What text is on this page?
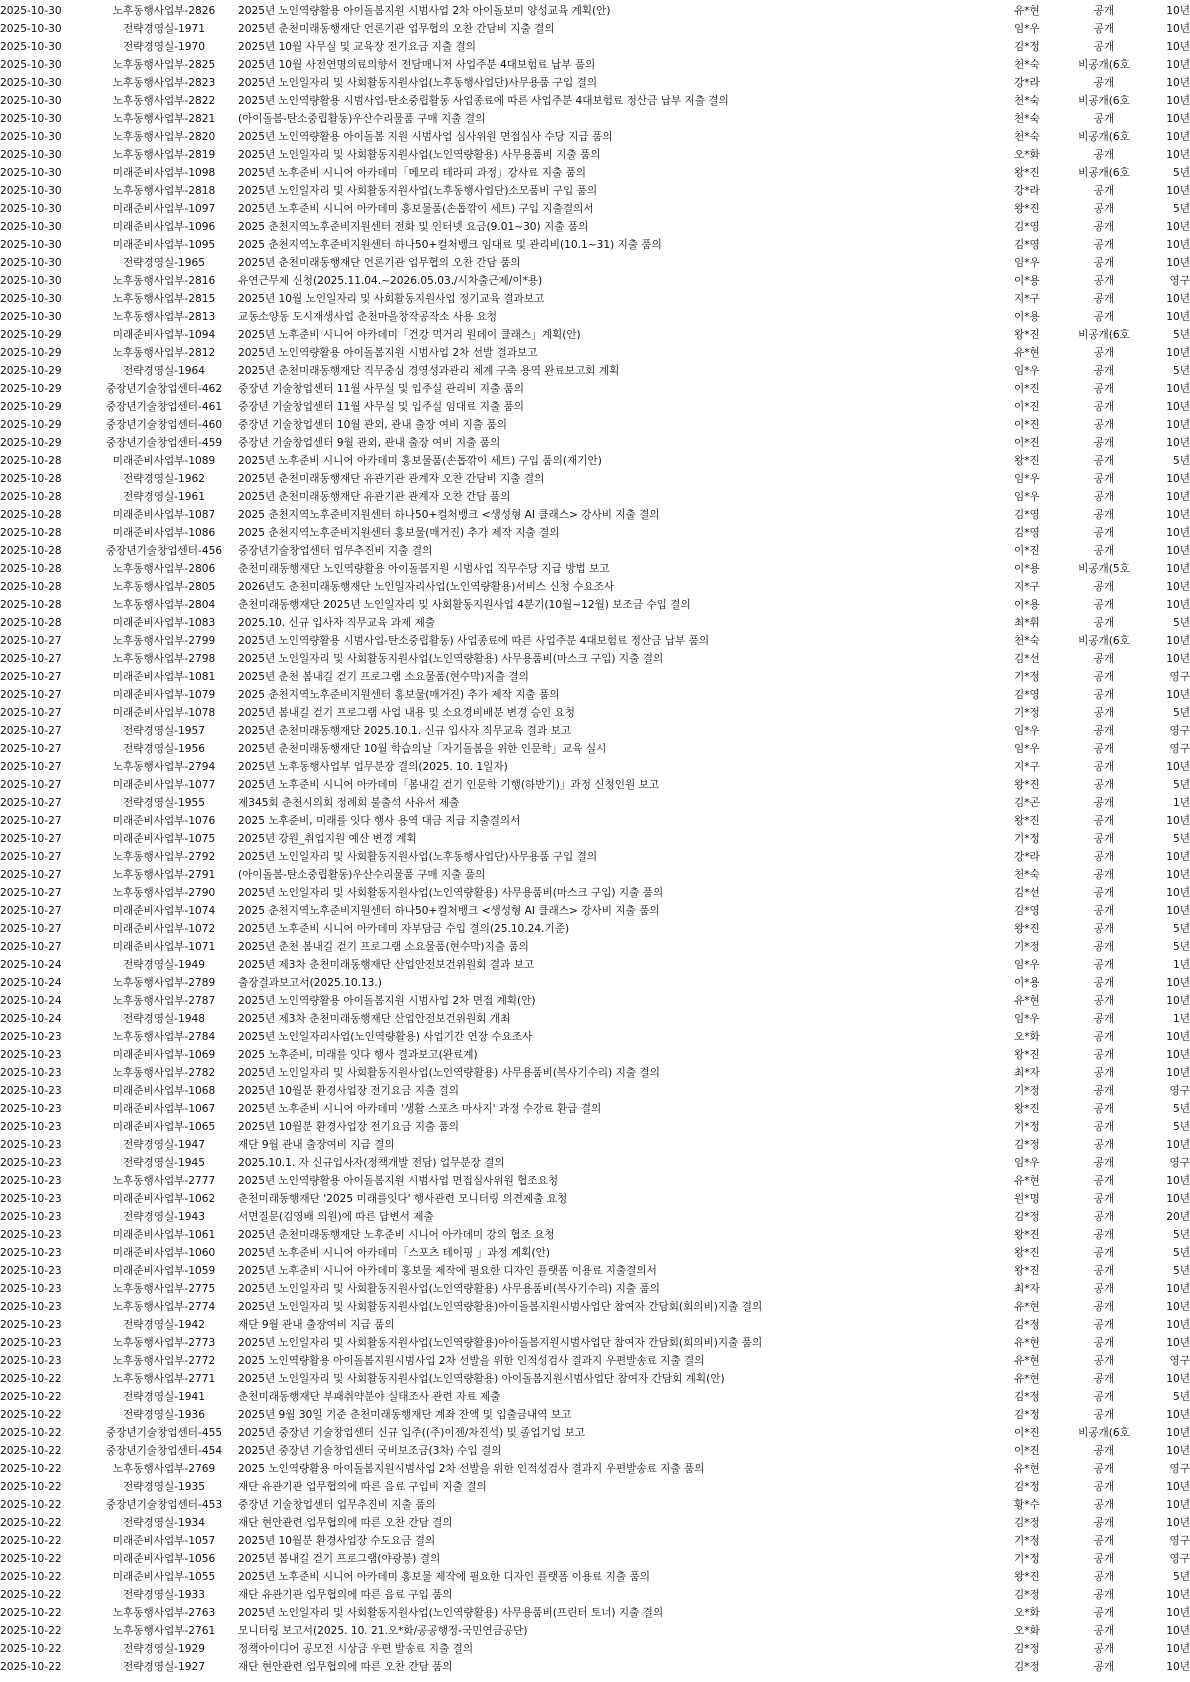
2025-10-30	노후동행사업부-2826	2025년 노인역량활용 아이돌봄지원 시범사업 2차 아이돌보미 양성교육 계획(안)	유*현	공개	10년
2025-10-30	전략경영실-1971	2025년 춘천미래동행재단 언론기관 업무협의 오찬 간담비 지출 결의	임*우	공개	10년
2025-10-30	전략경영실-1970	2025년 10월 사무실 및 교육장 전기요금 지출 결의	김*정	공개	10년
2025-10-30	노후동행사업부-2825	2025년 10월 사전연명의료의향서 전담매니저 사업주분 4대보험료 납부 품의	천*숙	비공개(6호	10년
2025-10-30	노후동행사업부-2823	2025년 노인일자리 및 사회활동지원사업(노후동행사업단)사무용품 구입 결의	강*라	공개	10년
2025-10-30	노후동행사업부-2822	2025년 노인역량활용 시범사업-탄소중립활동 사업종료에 따른 사업주분 4대보험료 정산금 납부 지출 결의	천*숙	비공개(6호	10년
2025-10-30	노후동행사업부-2821	(아이돌봄-탄소중립활동)우산수리물품 구매 지출 결의	천*숙	공개	10년
2025-10-30	노후동행사업부-2820	2025년 노인역량활용 아이돌봄 지원 시범사업 심사위원 면접심사 수당 지급 품의	천*숙	비공개(6호	10년
2025-10-30	노후동행사업부-2819	2025년 노인일자리 및 사회활동지원사업(노인역량활용) 사무용품비 지출 품의	오*화	공개	10년
2025-10-30	미래준비사업부-1098	2025년 노후준비 시니어 아카데미「메모리 테라피 과정」강사료 지출 품의	왕*진	비공개(6호	5년
2025-10-30	노후동행사업부-2818	2025년 노인일자리 및 사회활동지원사업(노후동행사업단)소모품비 구입 품의	강*라	공개	10년
2025-10-30	미래준비사업부-1097	2025년 노후준비 시니어 아카데미 홍보물품(손톱깎이 세트) 구입 지출결의서	왕*진	공개	5년
2025-10-30	미래준비사업부-1096	2025 춘천지역노후준비지원센터 전화 및 인터넷 요금(9.01~30) 지출 품의	김*영	공개	10년
2025-10-30	미래준비사업부-1095	2025 춘천지역노후준비지원센터 하나50+컬처뱅크 임대료 및 관리비(10.1~31) 지출 품의	김*영	공개	10년
2025-10-30	전략경영실-1965	2025년 춘천미래동행재단 언론기관 업무협의 오찬 간담 품의	임*우	공개	10년
2025-10-30	노후동행사업부-2816	유연근무제 신청(2025.11.04.~2026.05.03./시차출근제/이*용)	이*용	공개	영구
2025-10-30	노후동행사업부-2815	2025년 10월 노인일자리 및 사회활동지원사업 정기교육 결과보고	지*구	공개	10년
2025-10-30	노후동행사업부-2813	교동소양동 도시재생사업 춘천마을창작공작소 사용 요청	이*용	공개	10년
2025-10-29	미래준비사업부-1094	2025년 노후준비 시니어 아카데미「건강 먹거리 원데이 클래스」계획(안)	왕*진	비공개(6호	5년
2025-10-29	노후동행사업부-2812	2025년 노인역량활용 아이돌봄지원 시범사업 2차 선발 결과보고	유*현	공개	10년
2025-10-29	전략경영실-1964	2025년 춘천미래동행재단 직무중심 경영성과관리 체계 구축 용역 완료보고회 계획	임*우	공개	5년
2025-10-29	중장년기술창업센터-462	중장년 기술창업센터 11월 사무실 및 입주실 관리비 지출 품의	이*진	공개	10년
2025-10-29	중장년기술창업센터-461	중장년 기술창업센터 11월 사무실 및 입주실 임대료 지출 품의	이*진	공개	10년
2025-10-29	중장년기술창업센터-460	중장년 기술창업센터 10월 관외, 관내 출장 여비 지출 품의	이*진	공개	10년
2025-10-29	중장년기술창업센터-459	중장년 기술창업센터 9월 관외, 관내 출장 여비 지출 품의	이*진	공개	10년
2025-10-28	미래준비사업부-1089	2025년 노후준비 시니어 아카데미 홍보물품(손톱깎이 세트) 구입 품의(재기안)	왕*진	공개	5년
2025-10-28	전략경영실-1962	2025년 춘천미래동행재단 유관기관 관계자 오찬 간담비 지출 결의	임*우	공개	10년
2025-10-28	전략경영실-1961	2025년 춘천미래동행재단 유관기관 관계자 오찬 간담 품의	임*우	공개	10년
2025-10-28	미래준비사업부-1087	2025 춘천지역노후준비지원센터 하나50+컬처뱅크 <생성형 AI 클래스> 강사비 지출 결의	김*영	공개	10년
2025-10-28	미래준비사업부-1086	2025 춘천지역노후준비지원센터 홍보물(매거진) 추가 제작 지출 결의	김*영	공개	10년
2025-10-28	중장년기술창업센터-456	중장년기술창업센터 업무추진비 지출 결의	이*진	공개	10년
2025-10-28	노후동행사업부-2806	춘천미래동행재단 노인역량활용 아이돌봄지원 시범사업 직무수당 지급 방법 보고	이*용	비공개(5호	10년
2025-10-28	노후동행사업부-2805	2026년도 춘천미래동행재단 노인일자리사업(노인역량활용)서비스 신청 수요조사	지*구	공개	10년
2025-10-28	노후동행사업부-2804	춘천미래동행재단 2025년 노인일자리 및 사회활동지원사업 4분기(10월~12월) 보조금 수입 결의	이*용	공개	10년
2025-10-28	미래준비사업부-1083	2025.10. 신규 입사자 직무교육 과제 제출	최*휘	공개	5년
2025-10-27	노후동행사업부-2799	2025년 노인역량활용 시범사업-탄소중립활동) 사업종료에 따른 사업주분 4대보험료 정산금 납부 품의	천*숙	비공개(6호	10년
2025-10-27	노후동행사업부-2798	2025년 노인일자리 및 사회활동지원사업(노인역량활용) 사무용품비(마스크 구입) 지출 결의	김*선	공개	10년
2025-10-27	미래준비사업부-1081	2025년 춘천 봄내길 걷기 프로그램 소요물품(현수막)지출 결의	기*정	공개	영구
2025-10-27	미래준비사업부-1079	2025 춘천지역노후준비지원센터 홍보물(매거진) 추가 제작 지출 품의	김*영	공개	10년
2025-10-27	미래준비사업부-1078	2025년 봄내길 걷기 프로그램 사업 내용 및 소요경비배분 변경 승인 요청	기*정	공개	5년
2025-10-27	전략경영실-1957	2025년 춘천미래동행재단 2025.10.1. 신규 입사자 직무교육 결과 보고	임*우	공개	영구
2025-10-27	전략경영실-1956	2025년 춘천미래동행재단 10월 학습의날「자기돌봄을 위한 인문학」교육 실시	임*우	공개	영구
2025-10-27	노후동행사업부-2794	2025년 노후동행사업부 업무분장 결의(2025. 10. 1일자)	지*구	공개	10년
2025-10-27	미래준비사업부-1077	2025년 노후준비 시니어 아카데미「봄내길 걷기 인문학 기행(하반기)」과정 신청인원 보고	왕*진	공개	5년
2025-10-27	전략경영실-1955	제345회 춘천시의회 정례회 불출석 사유서 제출	김*곤	공개	1년
2025-10-27	미래준비사업부-1076	2025 노후준비, 미래를 잇다 행사 용역 대금 지급 지출결의서	왕*진	공개	10년
2025-10-27	미래준비사업부-1075	2025년 강원_취업지원 예산 변경 계획	기*정	공개	5년
2025-10-27	노후동행사업부-2792	2025년 노인일자리 및 사회활동지원사업(노후동행사업단)사무용품 구입 결의	강*라	공개	10년
2025-10-27	노후동행사업부-2791	(아이돌봄-탄소중립활동)우산수리물품 구매 지출 품의	천*숙	공개	10년
2025-10-27	노후동행사업부-2790	2025년 노인일자리 및 사회활동지원사업(노인역량활용) 사무용품비(마스크 구입) 지출 품의	김*선	공개	10년
2025-10-27	미래준비사업부-1074	2025 춘천지역노후준비지원센터 하나50+컬처뱅크 <생성형 AI 클래스> 강사비 지출 품의	김*영	공개	10년
2025-10-27	미래준비사업부-1072	2025년 노후준비 시니어 아카데미 자부담금 수입 결의(25.10.24.기준)	왕*진	공개	5년
2025-10-27	미래준비사업부-1071	2025년 춘천 봄내길 걷기 프로그램 소요물품(현수막)지출 품의	기*정	공개	5년
2025-10-24	전략경영실-1949	2025년 제3차 춘천미래동행재단 산업안전보건위원회 결과 보고	임*우	공개	1년
2025-10-24	노후동행사업부-2789	출장결과보고서(2025.10.13.)	이*용	공개	10년
2025-10-24	노후동행사업부-2787	2025년 노인역량활용 아이돌봄지원 시범사업 2차 면접 계획(안)	유*현	공개	10년
2025-10-24	전략경영실-1948	2025년 제3차 춘천미래동행재단 산업안전보건위원회 개최	임*우	공개	1년
2025-10-23	노후동행사업부-2784	2025년 노인일자리사업(노인역량활용) 사업기간 연장 수요조사	오*화	공개	10년
2025-10-23	미래준비사업부-1069	2025 노후준비, 미래를 잇다 행사 결과보고(완료계)	왕*진	공개	10년
2025-10-23	노후동행사업부-2782	2025년 노인일자리 및 사회활동지원사업(노인역량활용) 사무용품비(복사기수리) 지출 결의	최*자	공개	10년
2025-10-23	미래준비사업부-1068	2025년 10월분 환경사업장 전기요금 지출 결의	기*정	공개	영구
2025-10-23	미래준비사업부-1067	2025년 노후준비 시니어 아카데미 '생활 스포츠 마사지' 과정 수강료 환급 결의	왕*진	공개	5년
2025-10-23	미래준비사업부-1065	2025년 10월분 환경사업장 전기요금 지출 품의	기*정	공개	5년
2025-10-23	전략경영실-1947	재단 9월 관내 출장여비 지급 결의	김*정	공개	10년
2025-10-23	전략경영실-1945	2025.10.1. 자 신규입사자(정책개발 전담) 업무분장 결의	임*우	공개	영구
2025-10-23	노후동행사업부-2777	2025년 노인역량활용 아이돌봄지원 시범사업 면접심사위원 협조요청	유*현	공개	10년
2025-10-23	미래준비사업부-1062	춘천미래동행재단 '2025 미래를잇다' 행사관련 모니터링 의견제출 요청	원*명	공개	10년
2025-10-23	전략경영실-1943	서면질문(김영배 의원)에 따른 답변서 제출	김*정	공개	20년
2025-10-23	미래준비사업부-1061	2025년 춘천미래동행재단 노후준비 시니어 아카데미 강의 협조 요청	왕*진	공개	5년
2025-10-23	미래준비사업부-1060	2025년 노후준비 시니어 아카데미「스포츠 테이핑 」과정 계획(안)	왕*진	공개	5년
2025-10-23	미래준비사업부-1059	2025년 노후준비 시니어 아카데미 홍보물 제작에 필요한 디자인 플랫폼 이용료 지출결의서	왕*진	공개	5년
2025-10-23	노후동행사업부-2775	2025년 노인일자리 및 사회활동지원사업(노인역량활용) 사무용품비(복사기수리) 지출 품의	최*자	공개	10년
2025-10-23	노후동행사업부-2774	2025년 노인일자리 및 사회활동지원사업(노인역량활용)아이돌봄지원시범사업단 참여자 간담회(회의비)지출 결의	유*현	공개	10년
2025-10-23	전략경영실-1942	재단 9월 관내 출장여비 지급 품의	김*정	공개	10년
2025-10-23	노후동행사업부-2773	2025년 노인일자리 및 사회활동지원사업(노인역량활용)아이돌봄지원시범사업단 참여자 간담회(회의비)지출 품의	유*현	공개	10년
2025-10-23	노후동행사업부-2772	2025 노인역량활용 아이돌봄지원시범사업 2차 선발을 위한 인적성검사 결과지 우편발송료 지출 결의	유*현	공개	영구
2025-10-22	노후동행사업부-2771	2025년 노인일자리 및 사회활동지원사업(노인역량활용) 아이돌봄지원시범사업단 참여자 간담회 계획(안)	유*현	공개	10년
2025-10-22	전략경영실-1941	춘천미래동행재단 부패취약분야 실태조사 관련 자료 제출	김*정	공개	5년
2025-10-22	전략경영실-1936	2025년 9월 30일 기준 춘천미래동행재단 계좌 잔액 및 입출금내역 보고	김*정	공개	10년
2025-10-22	중장년기술창업센터-455	2025년 중장년 기술창업센터 신규 입주((주)이젠/차진석) 및 졸업기업 보고	이*진	비공개(6호	10년
2025-10-22	중장년기술창업센터-454	2025년 중장년 기술창업센터 국비보조금(3차) 수입 결의	이*진	공개	10년
2025-10-22	노후동행사업부-2769	2025 노인역량활용 아이돌봄지원시범사업 2차 선발을 위한 인적성검사 결과지 우편발송료 지출 품의	유*현	공개	영구
2025-10-22	전략경영실-1935	재단 유관기관 업무협의에 따른 음료 구입비 지출 결의	김*정	공개	10년
2025-10-22	중장년기술창업센터-453	중장년 기술창업센터 업무추진비 지출 품의	황*수	공개	10년
2025-10-22	전략경영실-1934	재단 현안관련 업무협의에 따른 오찬 간담 결의	김*정	공개	10년
2025-10-22	미래준비사업부-1057	2025년 10월분 환경사업장 수도요금 결의	기*정	공개	영구
2025-10-22	미래준비사업부-1056	2025년 봄내길 걷기 프로그램(야광봉) 결의	기*정	공개	영구
2025-10-22	미래준비사업부-1055	2025년 노후준비 시니어 아카데미 홍보물 제작에 필요한 디자인 플랫폼 이용료 지출 품의	왕*진	공개	5년
2025-10-22	전략경영실-1933	재단 유관기관 업무협의에 따른 음료 구입 품의	김*정	공개	10년
2025-10-22	노후동행사업부-2763	2025년 노인일자리 및 사회활동지원사업(노인역량활용) 사무용품비(프린터 토너) 지출 결의	오*화	공개	10년
2025-10-22	노후동행사업부-2761	모니터링 보고서(2025. 10. 21.오*화/공공행정-국민연금공단)	오*화	공개	10년
2025-10-22	전략경영실-1929	정책아이디어 공모전 시상금 우편 발송료 지출 결의	김*정	공개	10년
2025-10-22	전략경영실-1927	재단 현안관련 업무협의에 따른 오찬 간담 품의	김*정	공개	10년
